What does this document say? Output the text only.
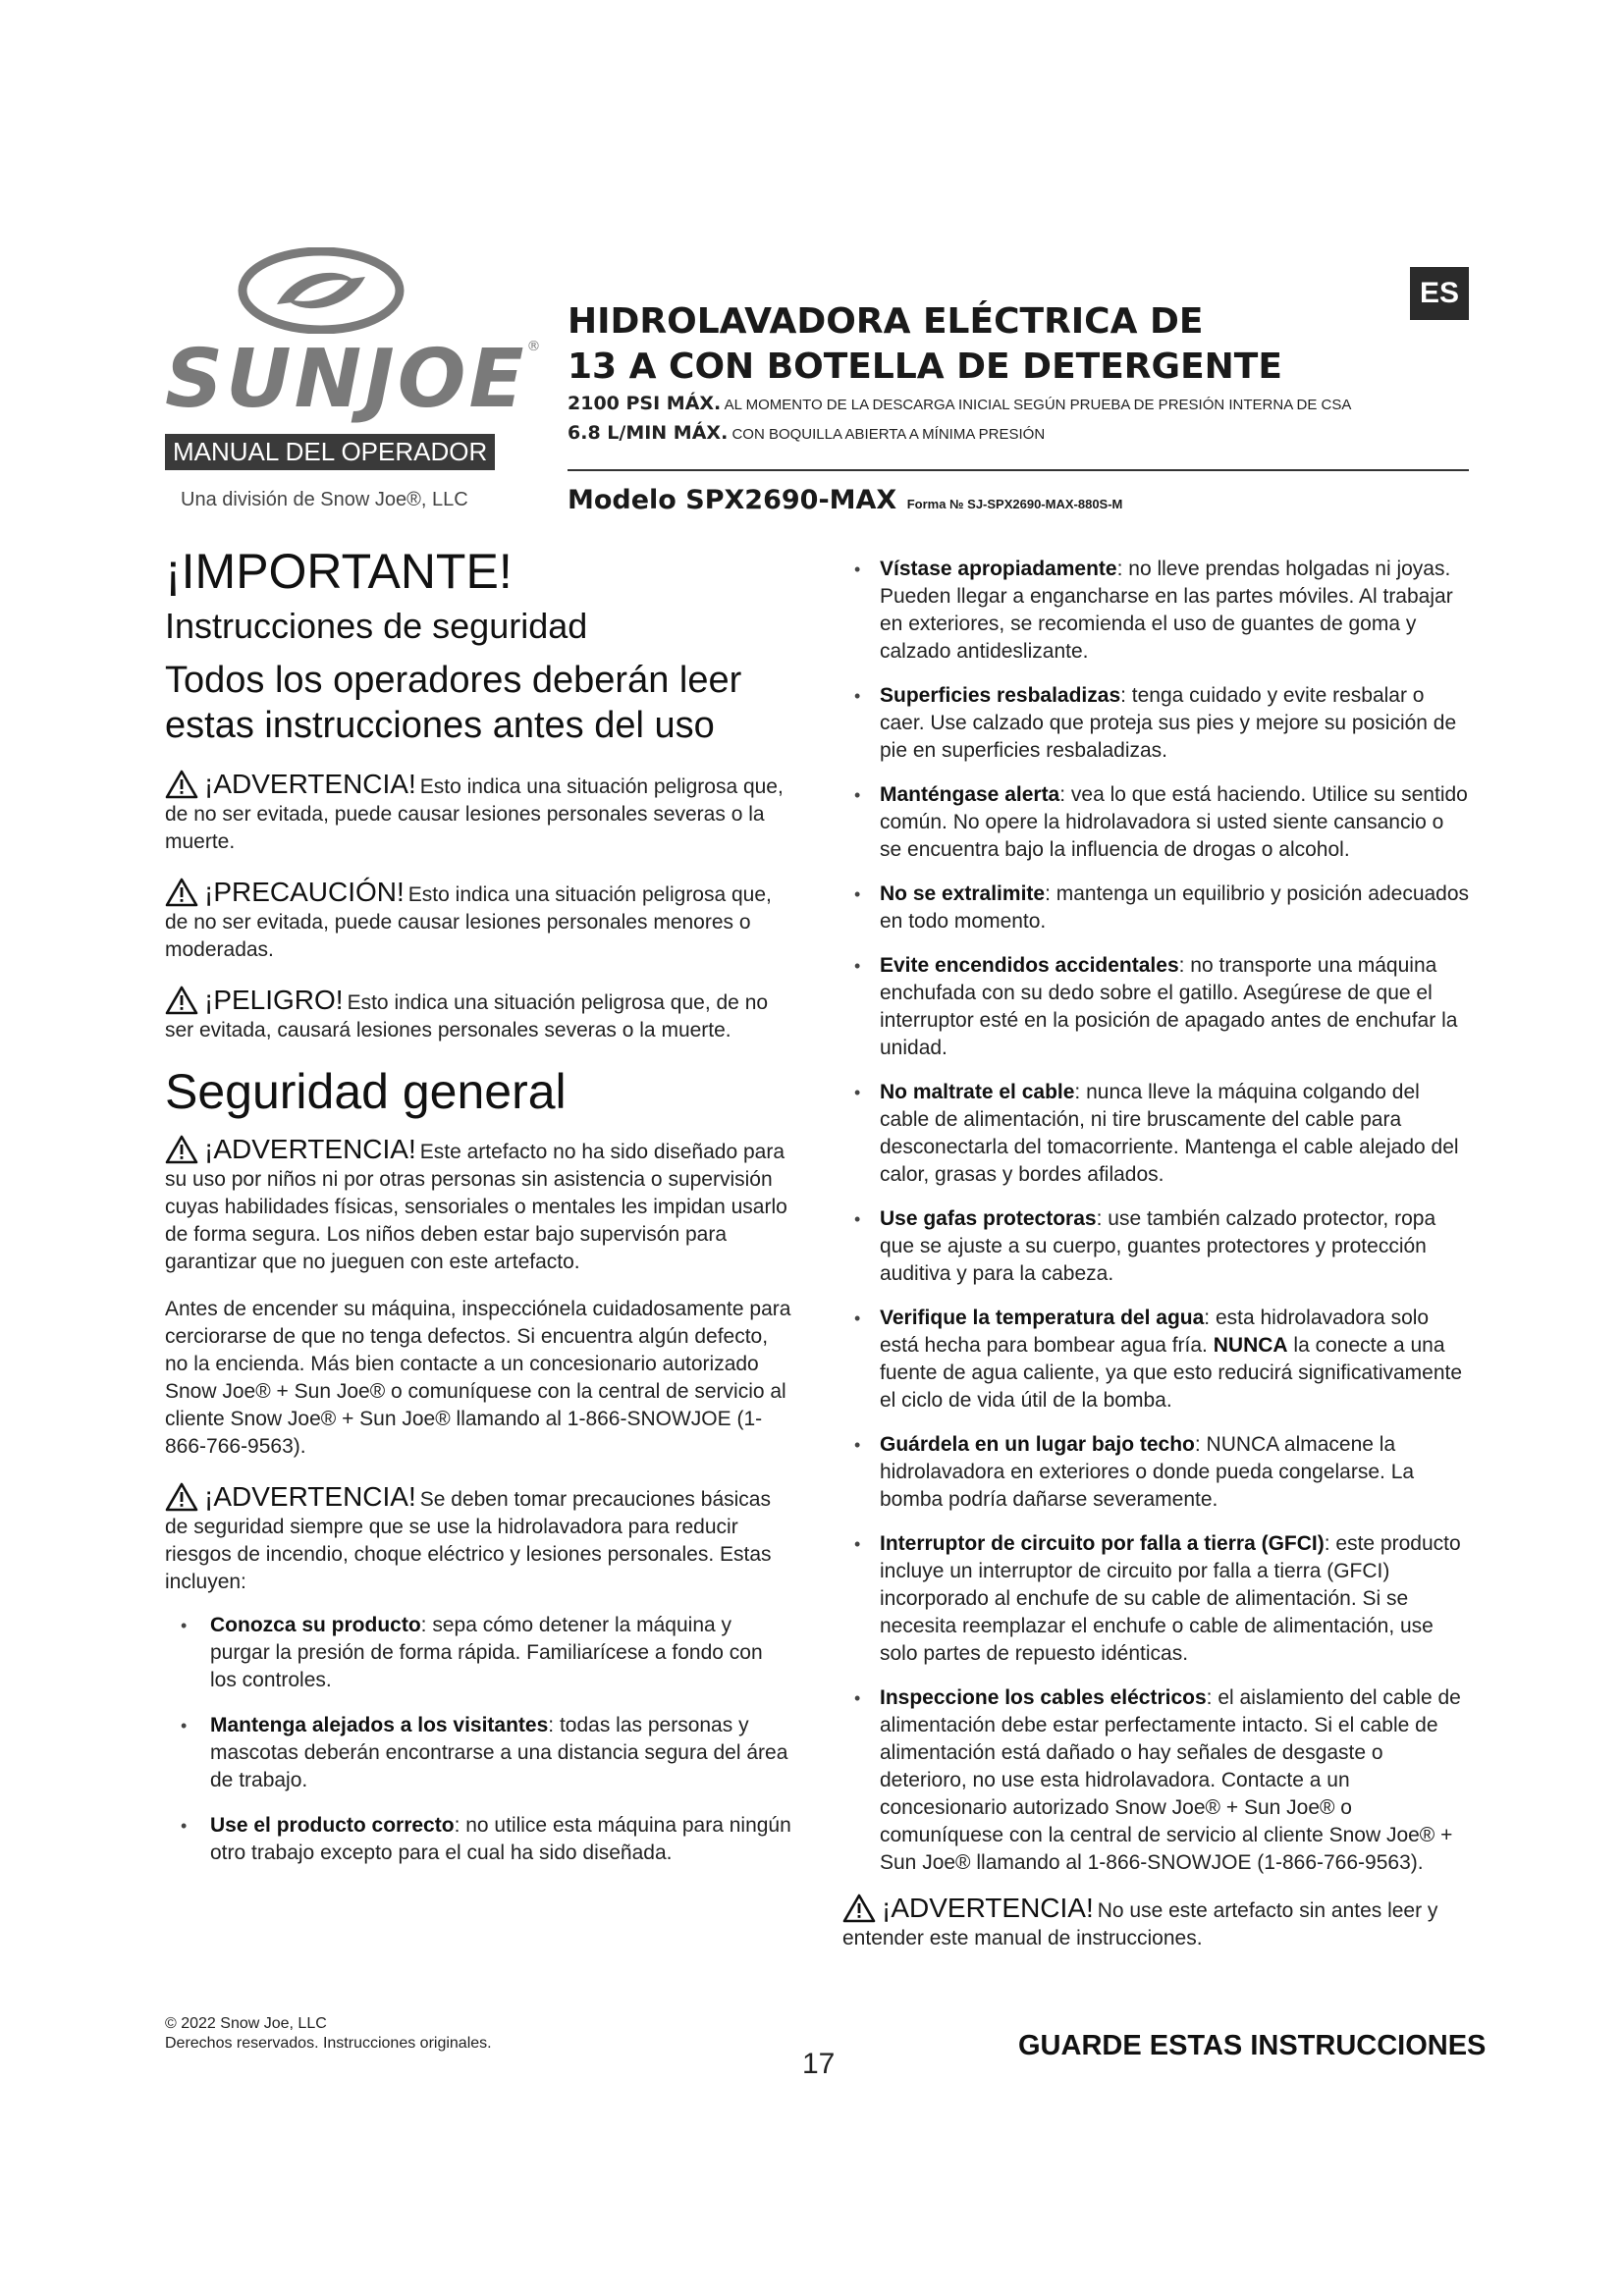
SUNJOE®
MANUAL DEL OPERADOR
Una división de Snow Joe®, LLC
HIDROLAVADORA ELÉCTRICA DE
13 A CON BOTELLA DE DETERGENTE
2100 PSI MÁX. AL MOMENTO DE LA DESCARGA INICIAL SEGÚN PRUEBA DE PRESIÓN INTERNA DE CSA
6.8 L/MIN MÁX. CON BOQUILLA ABIERTA A MÍNIMA PRESIÓN
Modelo SPX2690-MAX Forma № SJ-SPX2690-MAX-880S-M
ES
¡IMPORTANTE!
Instrucciones de seguridad
Todos los operadores deberán leer estas instrucciones antes del uso
¡ADVERTENCIA! Esto indica una situación peligrosa que, de no ser evitada, puede causar lesiones personales severas o la muerte.
¡PRECAUCIÓN! Esto indica una situación peligrosa que, de no ser evitada, puede causar lesiones personales menores o moderadas.
¡PELIGRO! Esto indica una situación peligrosa que, de no ser evitada, causará lesiones personales severas o la muerte.
Seguridad general
¡ADVERTENCIA! Este artefacto no ha sido diseñado para su uso por niños ni por otras personas sin asistencia o supervisión cuyas habilidades físicas, sensoriales o mentales les impidan usarlo de forma segura. Los niños deben estar bajo supervisón para garantizar que no jueguen con este artefacto.

Antes de encender su máquina, inspecciónela cuidadosamente para cerciorarse de que no tenga defectos. Si encuentra algún defecto, no la encienda. Más bien contacte a un concesionario autorizado Snow Joe® + Sun Joe® o comuníquese con la central de servicio al cliente Snow Joe® + Sun Joe® llamando al 1-866-SNOWJOE (1-866-766-9563).

¡ADVERTENCIA! Se deben tomar precauciones básicas de seguridad siempre que se use la hidrolavadora para reducir riesgos de incendio, choque eléctrico y lesiones personales. Estas incluyen:
• Conozca su producto: sepa cómo detener la máquina y purgar la presión de forma rápida. Familiarícese a fondo con los controles.
• Mantenga alejados a los visitantes: todas las personas y mascotas deberán encontrarse a una distancia segura del área de trabajo.
• Use el producto correcto: no utilice esta máquina para ningún otro trabajo excepto para el cual ha sido diseñada.
• Vístase apropiadamente: no lleve prendas holgadas ni joyas. Pueden llegar a engancharse en las partes móviles. Al trabajar en exteriores, se recomienda el uso de guantes de goma y calzado antideslizante.
• Superficies resbaladizas: tenga cuidado y evite resbalar o caer. Use calzado que proteja sus pies y mejore su posición de pie en superficies resbaladizas.
• Manténgase alerta: vea lo que está haciendo. Utilice su sentido común. No opere la hidrolavadora si usted siente cansancio o se encuentra bajo la influencia de drogas o alcohol.
• No se extralimite: mantenga un equilibrio y posición adecuados en todo momento.
• Evite encendidos accidentales: no transporte una máquina enchufada con su dedo sobre el gatillo. Asegúrese de que el interruptor esté en la posición de apagado antes de enchufar la unidad.
• No maltrate el cable: nunca lleve la máquina colgando del cable de alimentación, ni tire bruscamente del cable para desconectarla del tomacorriente. Mantenga el cable alejado del calor, grasas y bordes afilados.
• Use gafas protectoras: use también calzado protector, ropa que se ajuste a su cuerpo, guantes protectores y protección auditiva y para la cabeza.
• Verifique la temperatura del agua: esta hidrolavadora solo está hecha para bombear agua fría. NUNCA la conecte a una fuente de agua caliente, ya que esto reducirá significativamente el ciclo de vida útil de la bomba.
• Guárdela en un lugar bajo techo: NUNCA almacene la hidrolavadora en exteriores o donde pueda congelarse. La bomba podría dañarse severamente.
• Interruptor de circuito por falla a tierra (GFCI): este producto incluye un interruptor de circuito por falla a tierra (GFCI) incorporado al enchufe de su cable de alimentación. Si se necesita reemplazar el enchufe o cable de alimentación, use solo partes de repuesto idénticas.
• Inspeccione los cables eléctricos: el aislamiento del cable de alimentación debe estar perfectamente intacto. Si el cable de alimentación está dañado o hay señales de desgaste o deterioro, no use esta hidrolavadora. Contacte a un concesionario autorizado Snow Joe® + Sun Joe® o comuníquese con la central de servicio al cliente Snow Joe® + Sun Joe® llamando al 1-866-SNOWJOE (1-866-766-9563).
¡ADVERTENCIA! No use este artefacto sin antes leer y entender este manual de instrucciones.
© 2022 Snow Joe, LLC
Derechos reservados. Instrucciones originales.	GUARDE ESTAS INSTRUCCIONES
17
